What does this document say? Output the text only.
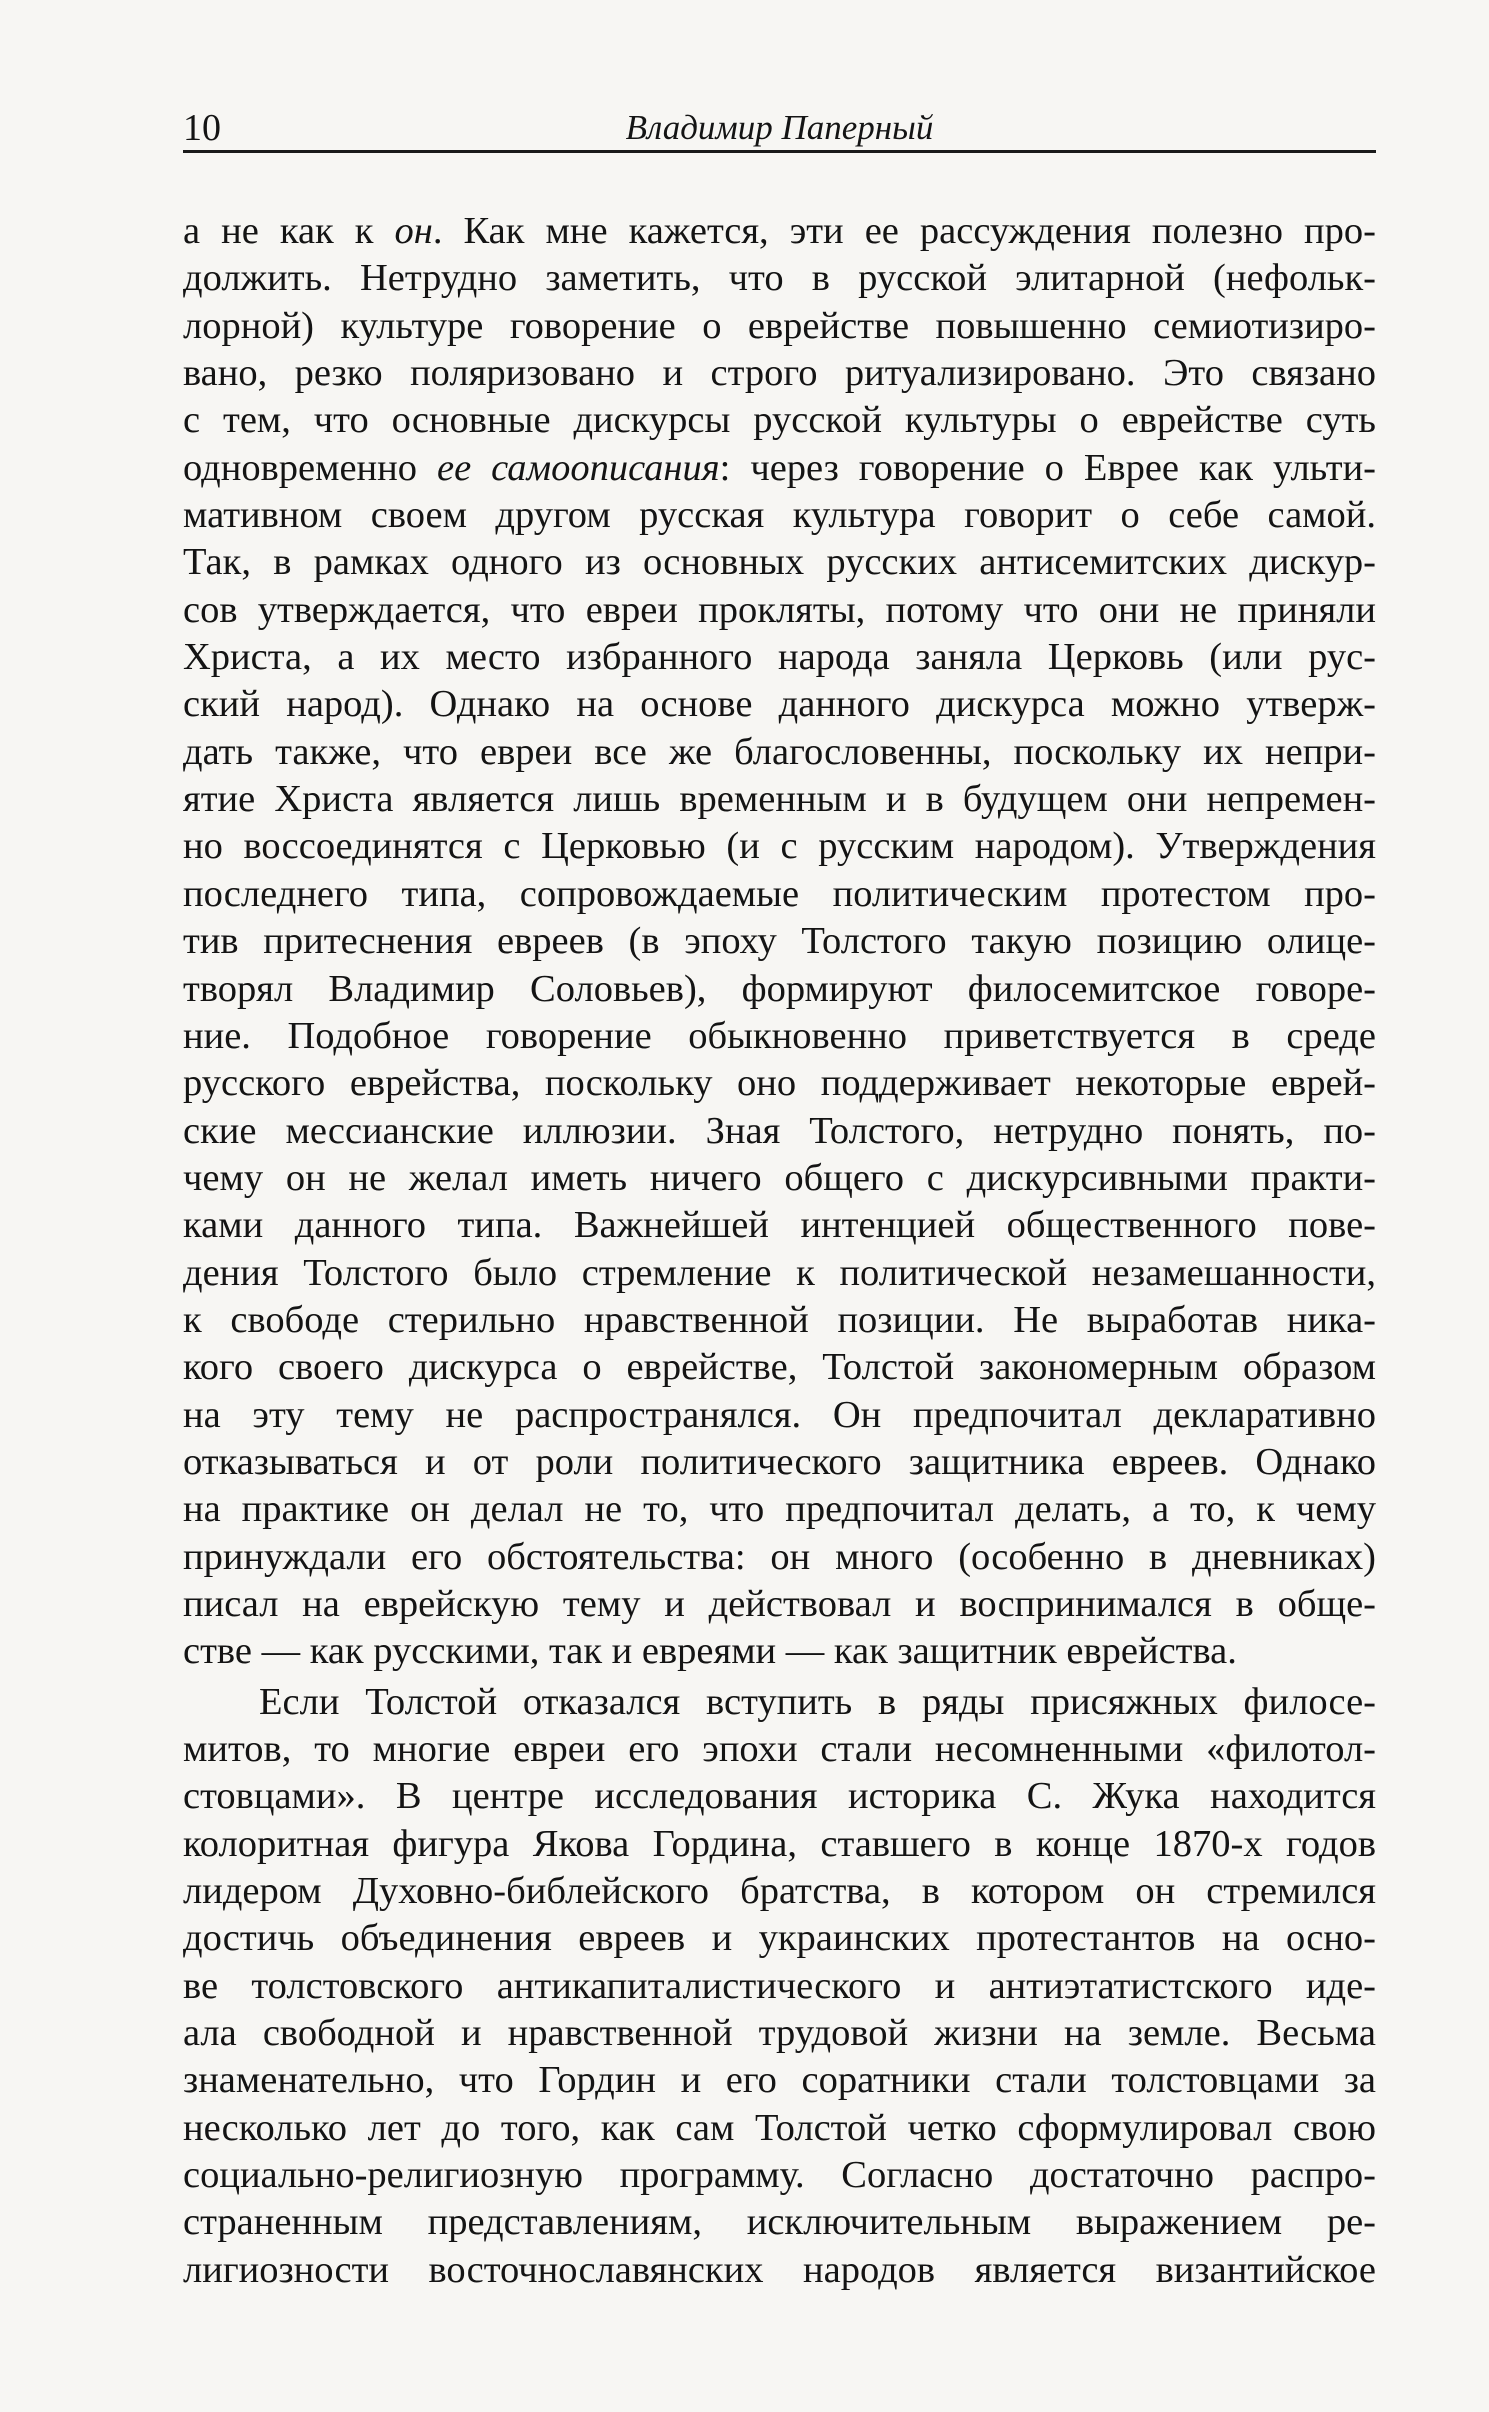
10	Владимир Паперный
а не как к он. Как мне кажется, эти ее рассуждения полезно про-
должить. Нетрудно заметить, что в русской элитарной (нефольк-
лорной) культуре говорение о еврействе повышенно семиотизиро-
вано, резко поляризовано и строго ритуализировано. Это связано
с тем, что основные дискурсы русской культуры о еврействе суть
одновременно ее самоописания: через говорение о Еврее как ульти-
мативном своем другом русская культура говорит о себе самой.
Так, в рамках одного из основных русских антисемитских дискур-
сов утверждается, что евреи прокляты, потому что они не приняли
Христа, а их место избранного народа заняла Церковь (или рус-
ский народ). Однако на основе данного дискурса можно утверж-
дать также, что евреи все же благословенны, поскольку их непри-
ятие Христа является лишь временным и в будущем они непремен-
но воссоединятся с Церковью (и с русским народом). Утверждения
последнего типа, сопровождаемые политическим протестом про-
тив притеснения евреев (в эпоху Толстого такую позицию олице-
творял Владимир Соловьев), формируют филосемитское говоре-
ние. Подобное говорение обыкновенно приветствуется в среде
русского еврейства, поскольку оно поддерживает некоторые еврей-
ские мессианские иллюзии. Зная Толстого, нетрудно понять, по-
чему он не желал иметь ничего общего с дискурсивными практи-
ками данного типа. Важнейшей интенцией общественного пове-
дения Толстого было стремление к политической незамешанности,
к свободе стерильно нравственной позиции. Не выработав ника-
кого своего дискурса о еврействе, Толстой закономерным образом
на эту тему не распространялся. Он предпочитал декларативно
отказываться и от роли политического защитника евреев. Однако
на практике он делал не то, что предпочитал делать, а то, к чему
принуждали его обстоятельства: он много (особенно в дневниках)
писал на еврейскую тему и действовал и воспринимался в обще-
стве — как русскими, так и евреями — как защитник еврейства.
Если Толстой отказался вступить в ряды присяжных филосе-
митов, то многие евреи его эпохи стали несомненными «филотол-
стовцами». В центре исследования историка С. Жука находится
колоритная фигура Якова Гордина, ставшего в конце 1870-х годов
лидером Духовно-библейского братства, в котором он стремился
достичь объединения евреев и украинских протестантов на осно-
ве толстовского антикапиталистического и антиэтатистского иде-
ала свободной и нравственной трудовой жизни на земле. Весьма
знаменательно, что Гордин и его соратники стали толстовцами за
несколько лет до того, как сам Толстой четко сформулировал свою
социально-религиозную программу. Согласно достаточно распро-
страненным представлениям, исключительным выражением ре-
лигиозности восточнославянских народов является византийское
